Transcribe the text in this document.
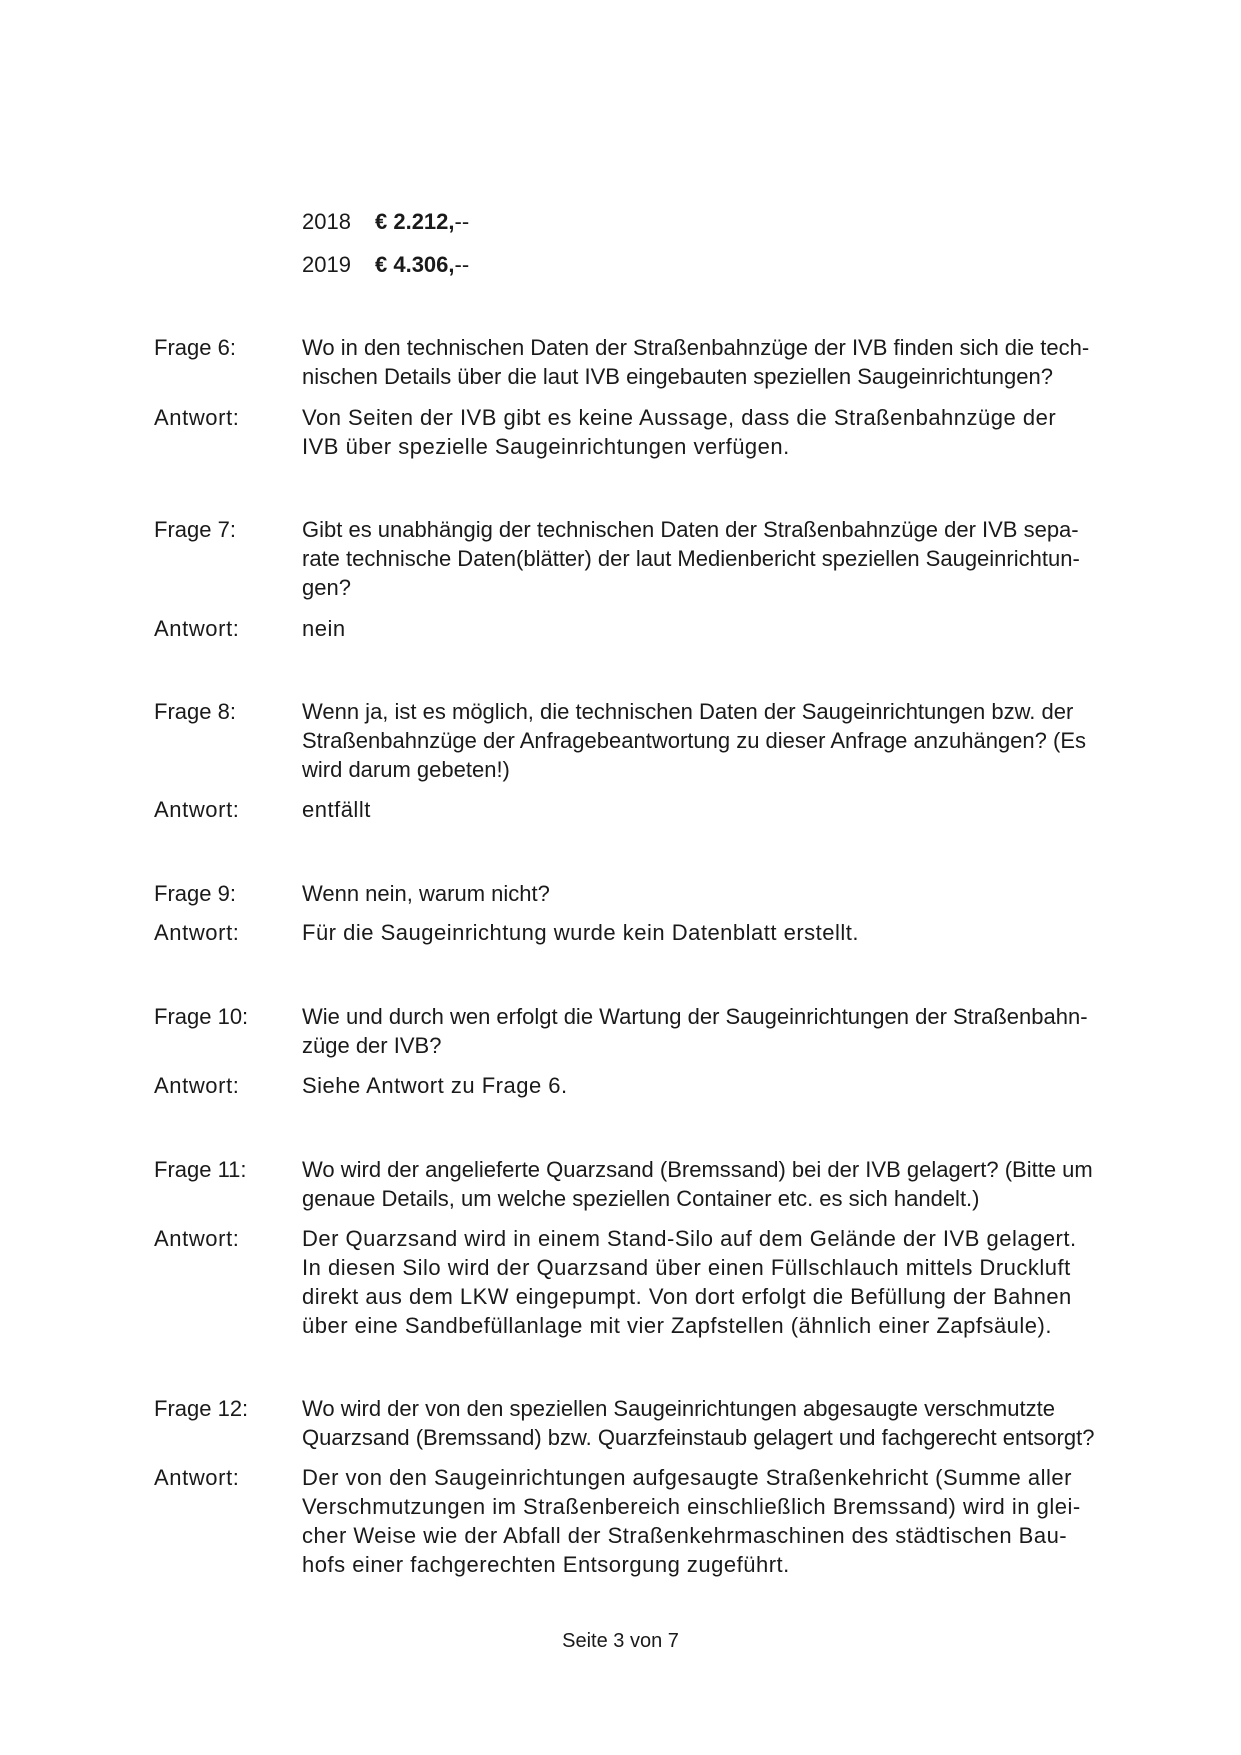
2018 € 2.212,--
2019 € 4.306,--
Frage 6:	Wo in den technischen Daten der Straßenbahnzüge der IVB finden sich die tech-
nischen Details über die laut IVB eingebauten speziellen Saugeinrichtungen?
Antwort:	Von Seiten der IVB gibt es keine Aussage, dass die Straßenbahnzüge der
IVB über spezielle Saugeinrichtungen verfügen.
Frage 7:	Gibt es unabhängig der technischen Daten der Straßenbahnzüge der IVB sepa-
rate technische Daten(blätter) der laut Medienbericht speziellen Saugeinrichtun-
gen?
Antwort:	nein
Frage 8:	Wenn ja, ist es möglich, die technischen Daten der Saugeinrichtungen bzw. der
Straßenbahnzüge der Anfragebeantwortung zu dieser Anfrage anzuhängen? (Es
wird darum gebeten!)
Antwort:	entfällt
Frage 9:	Wenn nein, warum nicht?
Antwort:	Für die Saugeinrichtung wurde kein Datenblatt erstellt.
Frage 10: Wie und durch wen erfolgt die Wartung der Saugeinrichtungen der Straßenbahn-
züge der IVB?
Antwort:	Siehe Antwort zu Frage 6.
Frage 11:	Wo wird der angelieferte Quarzsand (Bremssand) bei der IVB gelagert? (Bitte um
genaue Details, um welche speziellen Container etc. es sich handelt.)
Antwort:	Der Quarzsand wird in einem Stand-Silo auf dem Gelände der IVB gelagert.
In diesen Silo wird der Quarzsand über einen Füllschlauch mittels Druckluft
direkt aus dem LKW eingepumpt. Von dort erfolgt die Befüllung der Bahnen
über eine Sandbefüllanlage mit vier Zapfstellen (ähnlich einer Zapfsäule).
Frage 12: Wo wird der von den speziellen Saugeinrichtungen abgesaugte verschmutzte
Quarzsand (Bremssand) bzw. Quarzfeinstaub gelagert und fachgerecht entsorgt?
Antwort:	Der von den Saugeinrichtungen aufgesaugte Straßenkehricht (Summe aller
Verschmutzungen im Straßenbereich einschließlich Bremssand) wird in glei-
cher Weise wie der Abfall der Straßenkehrmaschinen des städtischen Bau-
hofs einer fachgerechten Entsorgung zugeführt.
Seite 3 von 7
